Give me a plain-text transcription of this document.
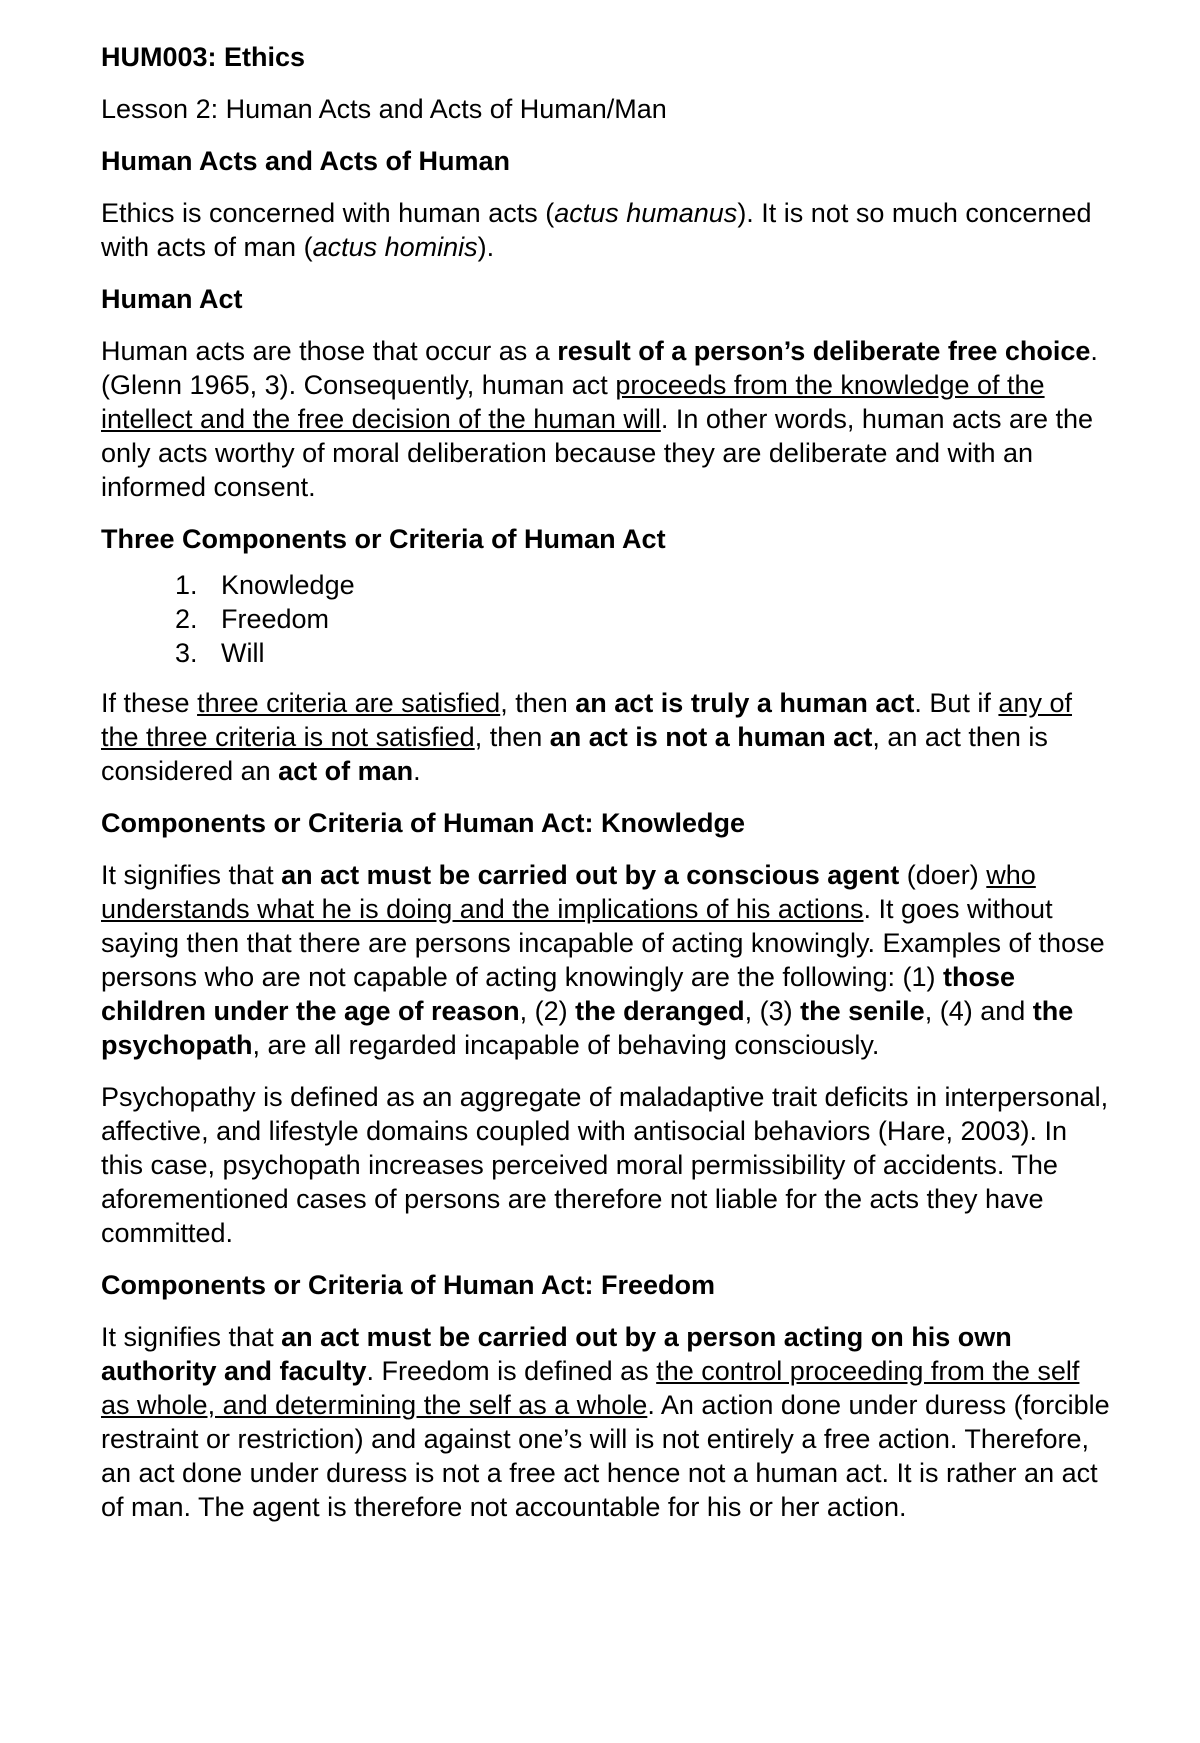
HUM003: Ethics

Lesson 2: Human Acts and Acts of Human/Man

Human Acts and Acts of Human

Ethics is concerned with human acts (actus humanus). It is not so much concerned with acts of man (actus hominis).

Human Act

Human acts are those that occur as a result of a person’s deliberate free choice. (Glenn 1965, 3). Consequently, human act proceeds from the knowledge of the intellect and the free decision of the human will. In other words, human acts are the only acts worthy of moral deliberation because they are deliberate and with an informed consent.

Three Components or Criteria of Human Act
1. Knowledge
2. Freedom
3. Will

If these three criteria are satisfied, then an act is truly a human act. But if any of the three criteria is not satisfied, then an act is not a human act, an act then is considered an act of man.

Components or Criteria of Human Act: Knowledge

It signifies that an act must be carried out by a conscious agent (doer) who understands what he is doing and the implications of his actions. It goes without saying then that there are persons incapable of acting knowingly. Examples of those persons who are not capable of acting knowingly are the following: (1) those children under the age of reason, (2) the deranged, (3) the senile, (4) and the psychopath, are all regarded incapable of behaving consciously.

Psychopathy is defined as an aggregate of maladaptive trait deficits in interpersonal, affective, and lifestyle domains coupled with antisocial behaviors (Hare, 2003). In this case, psychopath increases perceived moral permissibility of accidents. The aforementioned cases of persons are therefore not liable for the acts they have committed.

Components or Criteria of Human Act: Freedom

It signifies that an act must be carried out by a person acting on his own authority and faculty. Freedom is defined as the control proceeding from the self as whole, and determining the self as a whole. An action done under duress (forcible restraint or restriction) and against one’s will is not entirely a free action. Therefore, an act done under duress is not a free act hence not a human act. It is rather an act of man. The agent is therefore not accountable for his or her action.
